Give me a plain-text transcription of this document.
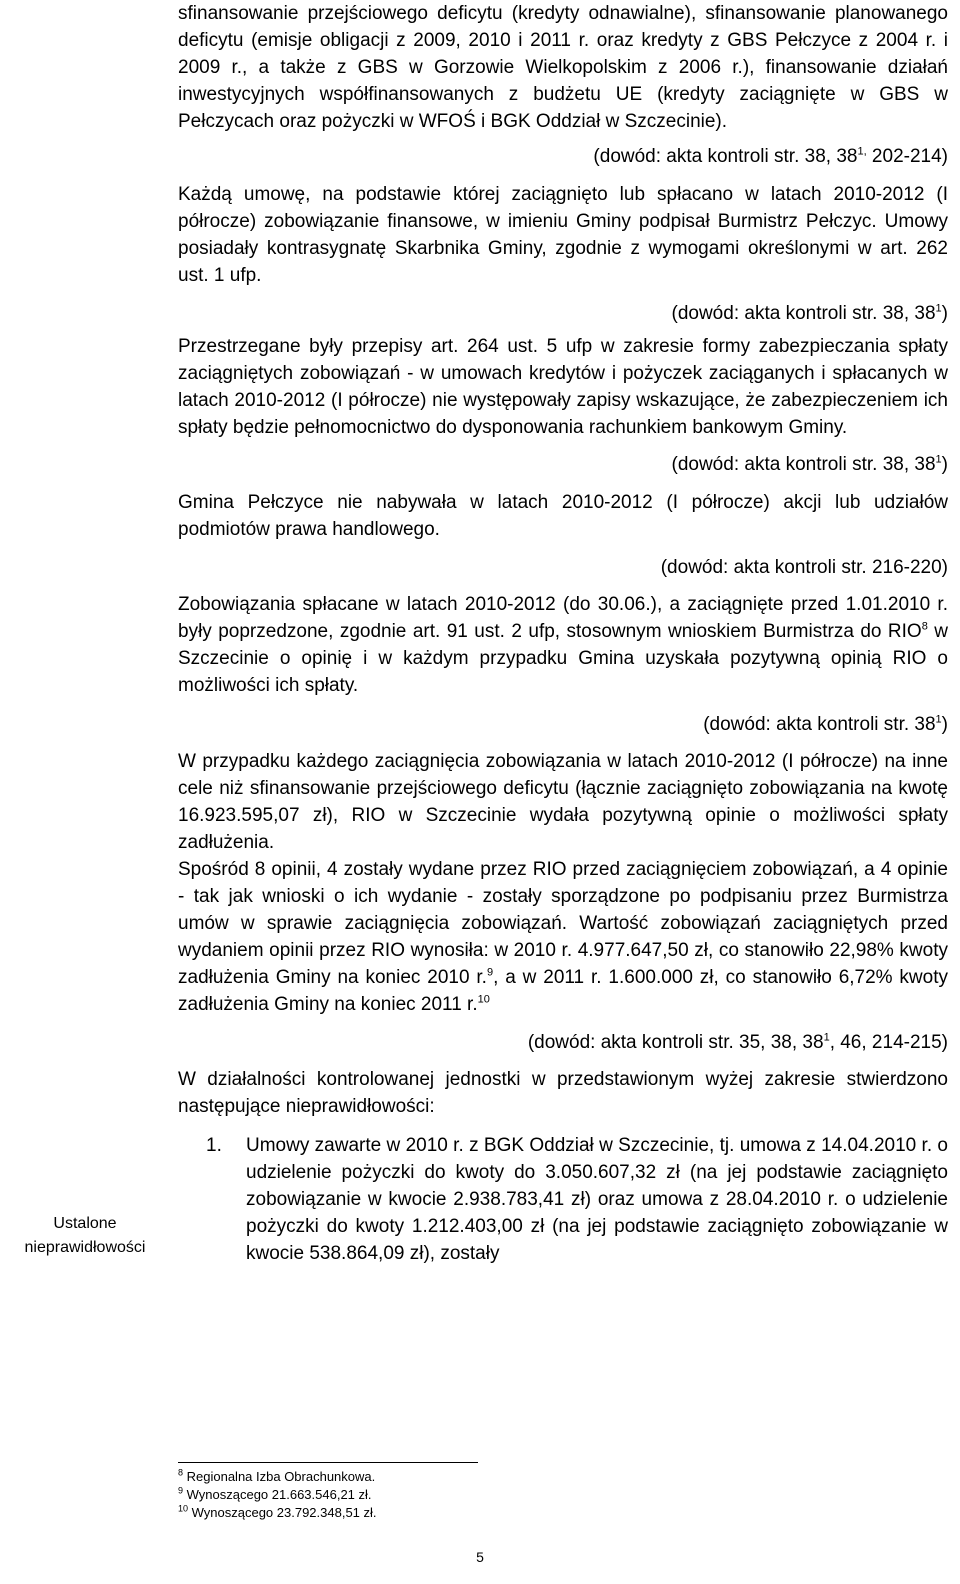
Ustalone nieprawidłowości

sfinansowanie przejściowego deficytu (kredyty odnawialne), sfinansowanie planowanego deficytu (emisje obligacji z 2009, 2010 i 2011 r. oraz kredyty z GBS Pełczyce z 2004 r. i 2009 r., a także z GBS w Gorzowie Wielkopolskim z 2006 r.), finansowanie działań inwestycyjnych współfinansowanych z budżetu UE (kredyty zaciągnięte w GBS w Pełczycach oraz pożyczki w WFOŚ i BGK Oddział w Szczecinie).

(dowód: akta kontroli str. 38, $38^{1,}$ 202-214)

Każdą umowę, na podstawie której zaciągnięto lub spłacano w latach 2010-2012 (I półrocze) zobowiązanie finansowe, w imieniu Gminy podpisał Burmistrz Pełczyc. Umowy posiadały kontrasygnatę Skarbnika Gminy, zgodnie z wymogami określonymi w art. 262 ust. 1 ufp.

(dowód: akta kontroli str. 38, $38^1$)

Przestrzegane były przepisy art. 264 ust. 5 ufp w zakresie formy zabezpieczania spłaty zaciągniętych zobowiązań - w umowach kredytów i pożyczek zaciąganych i spłacanych w latach 2010-2012 (I półrocze) nie występowały zapisy wskazujące, że zabezpieczeniem ich spłaty będzie pełnomocnictwo do dysponowania rachunkiem bankowym Gminy.

(dowód: akta kontroli str. 38, $38^1$)

Gmina Pełczyce nie nabywała w latach 2010-2012 (I półrocze) akcji lub udziałów podmiotów prawa handlowego.

(dowód: akta kontroli str. 216-220)

Zobowiązania spłacane w latach 2010-2012 (do 30.06.), a zaciągnięte przed 1.01.2010 r. były poprzedzone, zgodnie art. 91 ust. 2 ufp, stosownym wnioskiem Burmistrza do RIO$^8$ w Szczecinie o opinię i w każdym przypadku Gmina uzyskała pozytywną opinią RIO o możliwości ich spłaty.

(dowód: akta kontroli str. $38^1$)

W przypadku każdego zaciągnięcia zobowiązania w latach 2010-2012 (I półrocze) na inne cele niż sfinansowanie przejściowego deficytu (łącznie zaciągnięto zobowiązania na kwotę 16.923.595,07 zł), RIO w Szczecinie wydała pozytywną opinie o możliwości spłaty zadłużenia.

Spośród 8 opinii, 4 zostały wydane przez RIO przed zaciągnięciem zobowiązań, a 4 opinie - tak jak wnioski o ich wydanie - zostały sporządzone po podpisaniu przez Burmistrza umów w sprawie zaciągnięcia zobowiązań. Wartość zobowiązań zaciągniętych przed wydaniem opinii przez RIO wynosiła: w 2010 r. 4.977.647,50 zł, co stanowiło 22,98% kwoty zadłużenia Gminy na koniec 2010 r.$^9$, a w 2011 r. 1.600.000 zł, co stanowiło 6,72% kwoty zadłużenia Gminy na koniec 2011 r.$^{10}$

(dowód: akta kontroli str. 35, 38, $38^1$, 46, 214-215)

W działalności kontrolowanej jednostki w przedstawionym wyżej zakresie stwierdzono następujące nieprawidłowości:

1. Umowy zawarte w 2010 r. z BGK Oddział w Szczecinie, tj. umowa z 14.04.2010 r. o udzielenie pożyczki do kwoty do 3.050.607,32 zł (na jej podstawie zaciągnięto zobowiązanie w kwocie 2.938.783,41 zł) oraz umowa z 28.04.2010 r. o udzielenie pożyczki do kwoty 1.212.403,00 zł (na jej podstawie zaciągnięto zobowiązanie w kwocie 538.864,09 zł), zostały

$^8$ Regionalna Izba Obrachunkowa.

$^9$ Wynoszącego 21.663.546,21 zł.

$^{10}$ Wynoszącego 23.792.348,51 zł.

5
